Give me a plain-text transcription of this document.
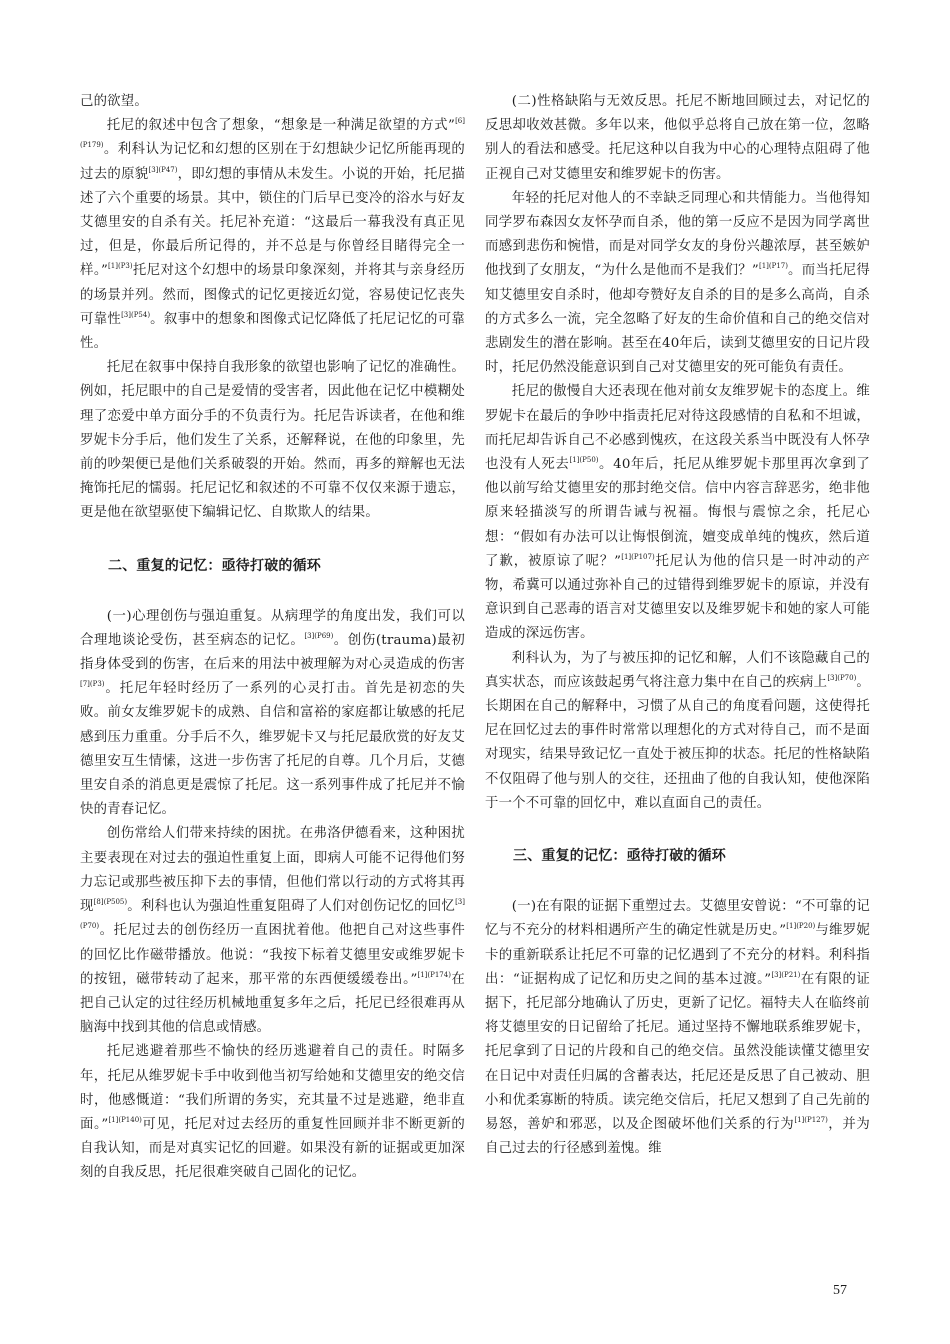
己的欲望。

托尼的叙述中包含了想象，“想象是一种满足欲望的方式”$^{[6](P179)}$。利科认为记忆和幻想的区别在于幻想缺少记忆所能再现的过去的原貌$^{[3](P47)}$，即幻想的事情从未发生。小说的开始，托尼描述了六个重要的场景。其中，锁住的门后早已变冷的浴水与好友艾德里安的自杀有关。托尼补充道：“这最后一幕我没有真正见过，但是，你最后所记得的，并不总是与你曾经目睹得完全一样。”$^{[1](P3)}$托尼对这个幻想中的场景印象深刻，并将其与亲身经历的场景并列。然而，图像式的记忆更接近幻觉，容易使记忆丧失可靠性$^{[3](P54)}$。叙事中的想象和图像式记忆降低了托尼记忆的可靠性。

托尼在叙事中保持自我形象的欲望也影响了记忆的准确性。例如，托尼眼中的自己是爱情的受害者，因此他在记忆中模糊处理了恋爱中单方面分手的不负责行为。托尼告诉读者，在他和维罗妮卡分手后，他们发生了关系，还解释说，在他的印象里，先前的吵架便已是他们关系破裂的开始。然而，再多的辩解也无法掩饰托尼的懦弱。托尼记忆和叙述的不可靠不仅仅来源于遗忘，更是他在欲望驱使下编辑记忆、自欺欺人的结果。

二、重复的记忆：亟待打破的循环

(一)心理创伤与强迫重复。从病理学的角度出发，我们可以合理地谈论受伤，甚至病态的记忆。$^{[3](P69)}$。创伤(trauma)最初指身体受到的伤害，在后来的用法中被理解为对心灵造成的伤害$^{[7](P3)}$。托尼年轻时经历了一系列的心灵打击。首先是初恋的失败。前女友维罗妮卡的成熟、自信和富裕的家庭都让敏感的托尼感到压力重重。分手后不久，维罗妮卡又与托尼最欣赏的好友艾德里安互生情愫，这进一步伤害了托尼的自尊。几个月后，艾德里安自杀的消息更是震惊了托尼。这一系列事件成了托尼并不愉快的青春记忆。

创伤常给人们带来持续的困扰。在弗洛伊德看来，这种困扰主要表现在对过去的强迫性重复上面，即病人可能不记得他们努力忘记或那些被压抑下去的事情，但他们常以行动的方式将其再现$^{[8](P505)}$。利科也认为强迫性重复阻碍了人们对创伤记忆的回忆$^{[3](P70)}$。托尼过去的创伤经历一直困扰着他。他把自己对这些事件的回忆比作磁带播放。他说：“我按下标着艾德里安或维罗妮卡的按钮，磁带转动了起来，那平常的东西便缓缓卷出。”$^{[1](P174)}$在把自己认定的过往经历机械地重复多年之后，托尼已经很难再从脑海中找到其他的信息或情感。

托尼逃避着那些不愉快的经历逃避着自己的责任。时隔多年，托尼从维罗妮卡手中收到他当初写给她和艾德里安的绝交信时，他感慨道：“我们所谓的务实，充其量不过是逃避，绝非直面。”$^{[1](P140)}$可见，托尼对过去经历的重复性回顾并非不断更新的自我认知，而是对真实记忆的回避。如果没有新的证据或更加深刻的自我反思，托尼很难突破自己固化的记忆。

(二)性格缺陷与无效反思。托尼不断地回顾过去，对记忆的反思却收效甚微。多年以来，他似乎总将自己放在第一位，忽略别人的看法和感受。托尼这种以自我为中心的心理特点阻碍了他正视自己对艾德里安和维罗妮卡的伤害。

年轻的托尼对他人的不幸缺乏同理心和共情能力。当他得知同学罗布森因女友怀孕而自杀，他的第一反应不是因为同学离世而感到悲伤和惋惜，而是对同学女友的身份兴趣浓厚，甚至嫉妒他找到了女朋友，“为什么是他而不是我们？”$^{[1](P17)}$。而当托尼得知艾德里安自杀时，他却夸赞好友自杀的目的是多么高尚，自杀的方式多么一流，完全忽略了好友的生命价值和自己的绝交信对悲剧发生的潜在影响。甚至在40年后，读到艾德里安的日记片段时，托尼仍然没能意识到自己对艾德里安的死可能负有责任。

托尼的傲慢自大还表现在他对前女友维罗妮卡的态度上。维罗妮卡在最后的争吵中指责托尼对待这段感情的自私和不坦诚，而托尼却告诉自己不必感到愧疚，在这段关系当中既没有人怀孕也没有人死去$^{[1](P50)}$。40年后，托尼从维罗妮卡那里再次拿到了他以前写给艾德里安的那封绝交信。信中内容言辞恶劣，绝非他原来轻描淡写的所谓告诫与祝福。悔恨与震惊之余，托尼心想：“假如有办法可以让悔恨倒流，嬗变成单纯的愧疚，然后道了歉，被原谅了呢？”$^{[1](P107)}$托尼认为他的信只是一时冲动的产物，希冀可以通过弥补自己的过错得到维罗妮卡的原谅，并没有意识到自己恶毒的语言对艾德里安以及维罗妮卡和她的家人可能造成的深远伤害。

利科认为，为了与被压抑的记忆和解，人们不该隐藏自己的真实状态，而应该鼓起勇气将注意力集中在自己的疾病上$^{[3](P70)}$。长期困在自己的解释中，习惯了从自己的角度看问题，这使得托尼在回忆过去的事件时常常以理想化的方式对待自己，而不是面对现实，结果导致记忆一直处于被压抑的状态。托尼的性格缺陷不仅阻碍了他与别人的交往，还扭曲了他的自我认知，使他深陷于一个不可靠的回忆中，难以直面自己的责任。

三、重复的记忆：亟待打破的循环

(一)在有限的证据下重塑过去。艾德里安曾说：“不可靠的记忆与不充分的材料相遇所产生的确定性就是历史。”$^{[1](P20)}$与维罗妮卡的重新联系让托尼不可靠的记忆遇到了不充分的材料。利科指出：“证据构成了记忆和历史之间的基本过渡。”$^{[3](P21)}$在有限的证据下，托尼部分地确认了历史，更新了记忆。福特夫人在临终前将艾德里安的日记留给了托尼。通过坚持不懈地联系维罗妮卡，托尼拿到了日记的片段和自己的绝交信。虽然没能读懂艾德里安在日记中对责任归属的含蓄表达，托尼还是反思了自己被动、胆小和优柔寡断的特质。读完绝交信后，托尼又想到了自己先前的易怒，善妒和邪恶，以及企图破坏他们关系的行为$^{[1](P127)}$，并为自己过去的行径感到羞愧。维

57
